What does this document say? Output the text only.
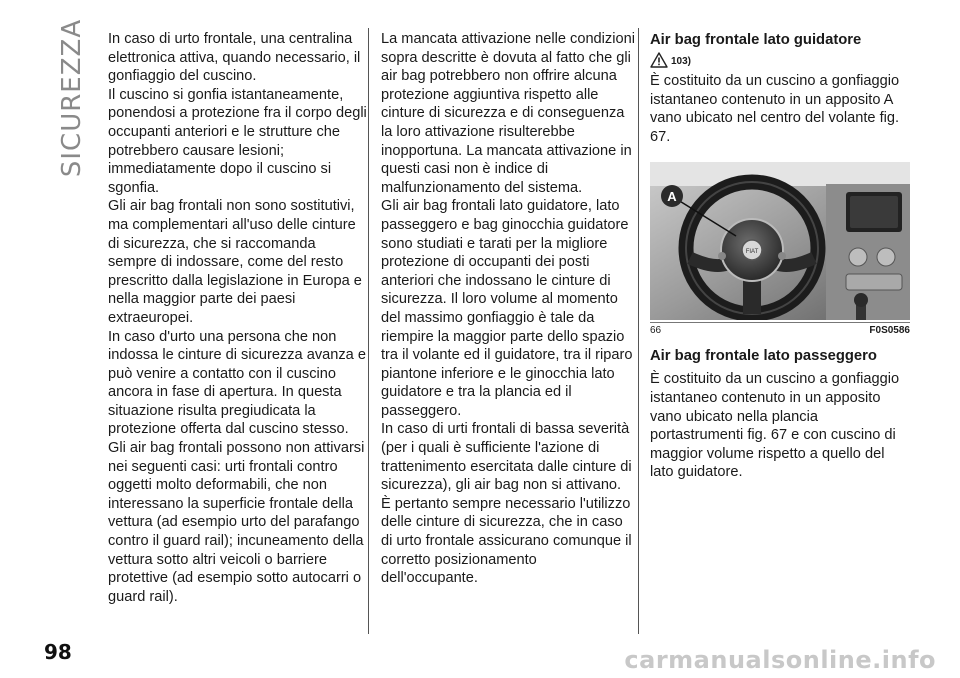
SICUREZZA In caso di urto frontale, una centralina elettronica attiva, quando necessario, il gonfiaggio del cuscino.

Il cuscino si gonfia istantaneamente, ponendosi a protezione fra il corpo degli occupanti anteriori e le strutture che potrebbero causare lesioni; immediatamente dopo il cuscino si sgonfia.

Gli air bag frontali non sono sostitutivi, ma complementari all'uso delle cinture di sicurezza, che si raccomanda sempre di indossare, come del resto prescritto dalla legislazione in Europa e nella maggior parte dei paesi extraeuropei.

In caso d'urto una persona che non indossa le cinture di sicurezza avanza e può venire a contatto con il cuscino ancora in fase di apertura. In questa situazione risulta pregiudicata la protezione offerta dal cuscino stesso.

Gli air bag frontali possono non attivarsi nei seguenti casi: urti frontali contro oggetti molto deformabili, che non interessano la superficie frontale della vettura (ad esempio urto del parafango contro il guard rail); incuneamento della vettura sotto altri veicoli o barriere protettive (ad esempio sotto autocarri o guard rail).

La mancata attivazione nelle condizioni sopra descritte è dovuta al fatto che gli air bag potrebbero non offrire alcuna protezione aggiuntiva rispetto alle cinture di sicurezza e di conseguenza la loro attivazione risulterebbe inopportuna. La mancata attivazione in questi casi non è indice di malfunzionamento del sistema.

Gli air bag frontali lato guidatore, lato passeggero e bag ginocchia guidatore sono studiati e tarati per la migliore protezione di occupanti dei posti anteriori che indossano le cinture di sicurezza. Il loro volume al momento del massimo gonfiaggio è tale da riempire la maggior parte dello spazio tra il volante ed il guidatore, tra il riparo piantone inferiore e le ginocchia lato guidatore e tra la plancia ed il passeggero.

In caso di urti frontali di bassa severità (per i quali è sufficiente l'azione di trattenimento esercitata dalle cinture di sicurezza), gli air bag non si attivano.

È pertanto sempre necessario l'utilizzo delle cinture di sicurezza, che in caso di urto frontale assicurano comunque il corretto posizionamento dell'occupante.

Air bag frontale lato guidatore
103)

È costituito da un cuscino a gonfiaggio istantaneo contenuto in un apposito A vano ubicato nel centro del volante fig. 67.

FIAT
A
66	F0S0586
Air bag frontale lato passeggero

È costituito da un cuscino a gonfiaggio istantaneo contenuto in un apposito vano ubicato nella plancia portastrumenti fig. 67 e con cuscino di maggior volume rispetto a quello del lato guidatore.

98	carmanualsonline.info
